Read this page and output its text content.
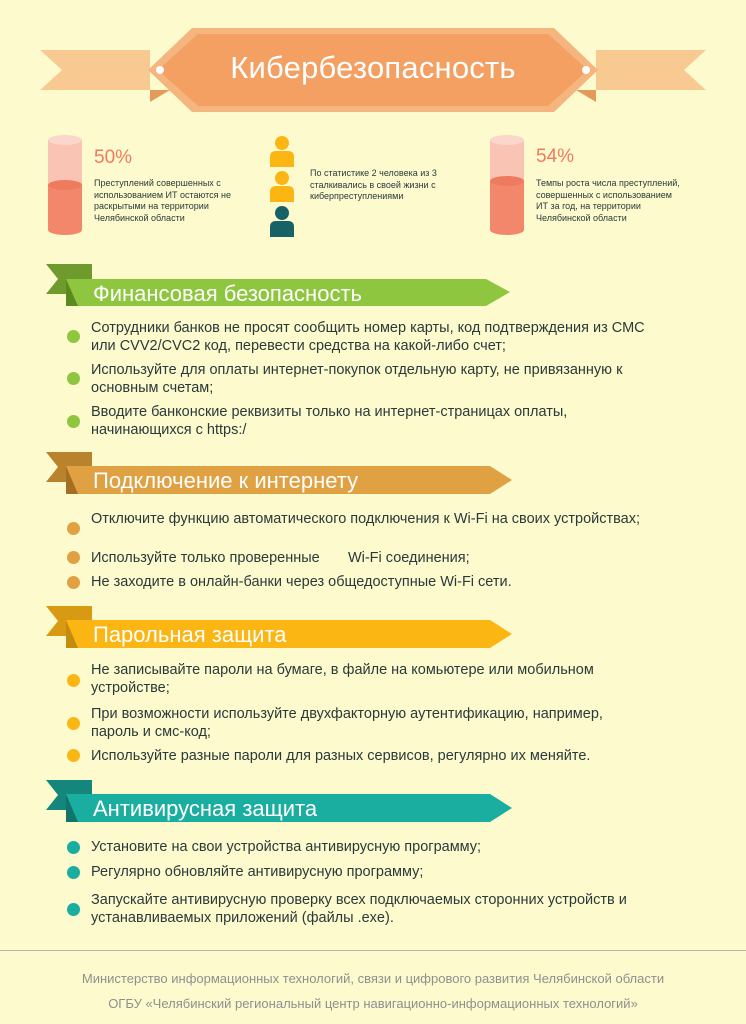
Кибербезопасность
50%
Преступлений совершенных с использованием ИТ остаются не раскрытыми на территории Челябинской области
По статистике 2 человека из 3 сталкивались в своей жизни с киберпреступлениями
54%
Темпы роста числа преступлений, совершенных с использованием ИТ за год, на территории Челябинской области
Финансовая безопасность
Сотрудники банков не просят сообщить номер карты, код подтверждения из СМС или CVV2/CVC2 код, перевести средства на какой-либо счет;
Используйте для оплаты интернет-покупок отдельную карту, не привязанную к основным счетам;
Вводите банконские реквизиты только на интернет-страницах оплаты, начинающихся с https:/
Подключение к интернету
Отключите функцию автоматического подключения к Wi-Fi на своих устройствах;
Используйте только проверенные       Wi-Fi соединения;
Не заходите в онлайн-банки через общедоступные Wi-Fi сети.
Парольная защита
Не записывайте пароли на бумаге, в файле на комьютере или мобильном устройстве;
При возможности используйте двухфакторную аутентификацию, например, пароль и смс-код;
Используйте разные пароли для разных сервисов, регулярно их меняйте.
Антивирусная защита
Установите на свои устройства антивирусную программу;
Регулярно обновляйте антивирусную программу;
Запускайте антивирусную проверку всех подключаемых сторонних устройств и устанавливаемых приложений (файлы .exe).
Министерство информационных технологий, связи и цифрового развития Челябинской области
ОГБУ «Челябинский региональный центр навигационно-информационных технологий»
